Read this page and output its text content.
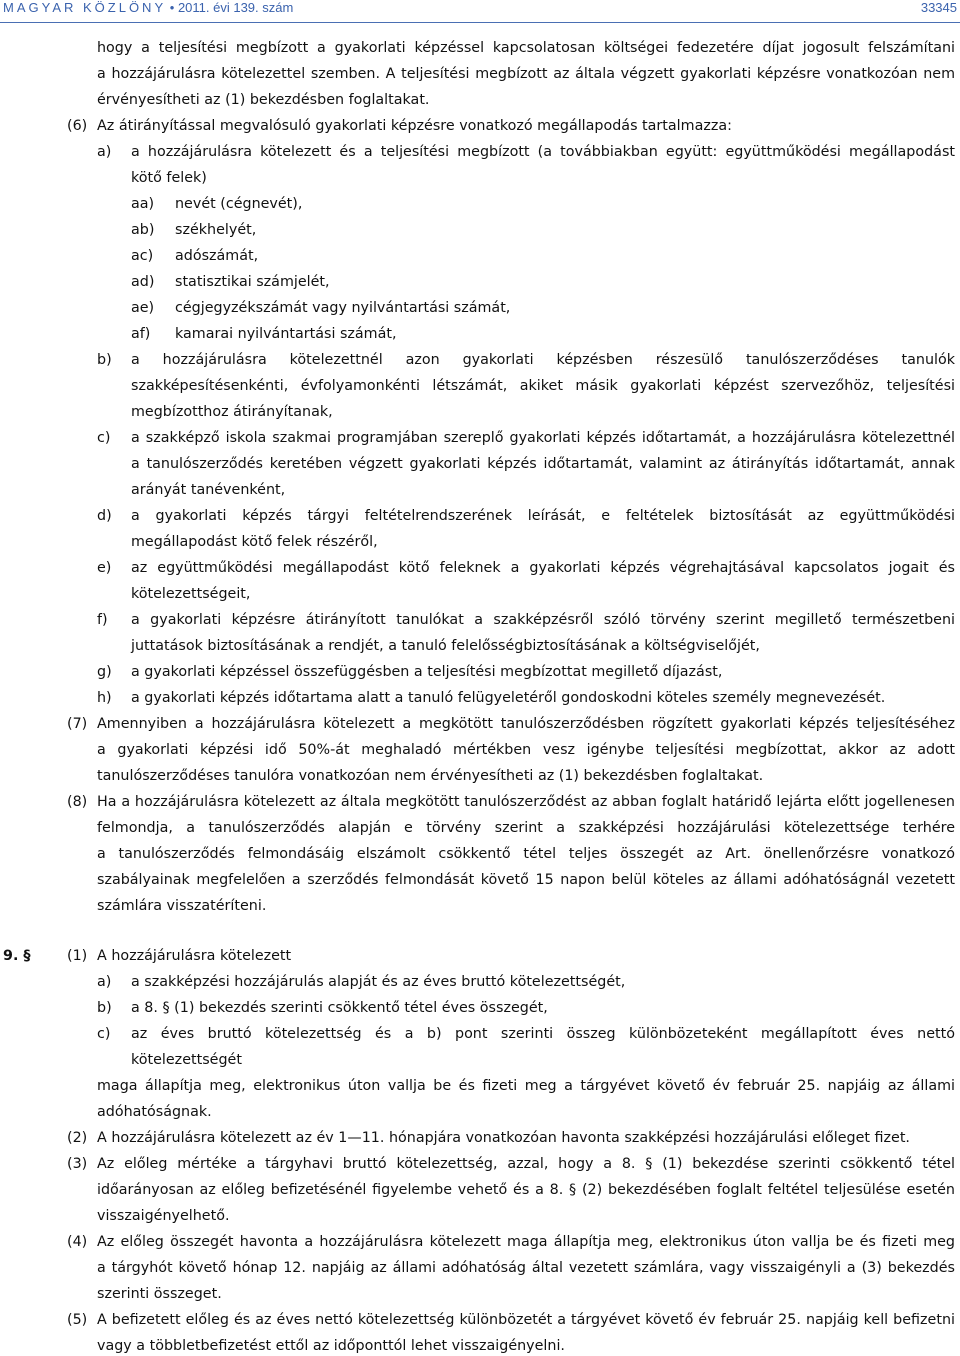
MAGYAR KÖZLÖNY • 2011. évi 139. szám	33345
hogy a teljesítési megbízott a gyakorlati képzéssel kapcsolatosan költségei fedezetére díjat jogosult felszámítani
a hozzájárulásra kötelezettel szemben. A teljesítési megbízott az általa végzett gyakorlati képzésre vonatkozóan nem
érvényesítheti az (1) bekezdésben foglaltakat.
(6) Az átirányítással megvalósuló gyakorlati képzésre vonatkozó megállapodás tartalmazza:
a) a hozzájárulásra kötelezett és a teljesítési megbízott (a továbbiakban együtt: együttműködési megállapodást
kötő felek)
aa) nevét (cégnevét),
ab) székhelyét,
ac) adószámát,
ad) statisztikai számjelét,
ae) cégjegyzékszámát vagy nyilvántartási számát,
af) kamarai nyilvántartási számát,
b) a hozzájárulásra kötelezettnél azon gyakorlati képzésben részesülő tanulószerződéses tanulók
szakképesítésenkénti, évfolyamonkénti létszámát, akiket másik gyakorlati képzést szervezőhöz, teljesítési
megbízotthoz átirányítanak,
c) a szakképző iskola szakmai programjában szereplő gyakorlati képzés időtartamát, a hozzájárulásra kötelezettnél
a tanulószerződés keretében végzett gyakorlati képzés időtartamát, valamint az átirányítás időtartamát, annak
arányát tanévenként,
d) a gyakorlati képzés tárgyi feltételrendszerének leírását, e feltételek biztosítását az együttműködési
megállapodást kötő felek részéről,
e) az együttműködési megállapodást kötő feleknek a gyakorlati képzés végrehajtásával kapcsolatos jogait és
kötelezettségeit,
f) a gyakorlati képzésre átirányított tanulókat a szakképzésről szóló törvény szerint megillető természetbeni
juttatások biztosításának a rendjét, a tanuló felelősségbiztosításának a költségviselőjét,
g) a gyakorlati képzéssel összefüggésben a teljesítési megbízottat megillető díjazást,
h) a gyakorlati képzés időtartama alatt a tanuló felügyeletéről gondoskodni köteles személy megnevezését.
(7) Amennyiben a hozzájárulásra kötelezett a megkötött tanulószerződésben rögzített gyakorlati képzés teljesítéséhez
a gyakorlati képzési idő 50%-át meghaladó mértékben vesz igénybe teljesítési megbízottat, akkor az adott
tanulószerződéses tanulóra vonatkozóan nem érvényesítheti az (1) bekezdésben foglaltakat.
(8) Ha a hozzájárulásra kötelezett az általa megkötött tanulószerződést az abban foglalt határidő lejárta előtt jogellenesen
felmondja, a tanulószerződés alapján e törvény szerint a szakképzési hozzájárulási kötelezettsége terhére
a tanulószerződés felmondásáig elszámolt csökkentő tétel teljes összegét az Art. önellenőrzésre vonatkozó
szabályainak megfelelően a szerződés felmondását követő 15 napon belül köteles az állami adóhatóságnál vezetett
számlára visszatéríteni.
9. §	(1) A hozzájárulásra kötelezett
a) a szakképzési hozzájárulás alapját és az éves bruttó kötelezettségét,
b) a 8. § (1) bekezdés szerinti csökkentő tétel éves összegét,
c) az éves bruttó kötelezettség és a b) pont szerinti összeg különbözeteként megállapított éves nettó
kötelezettségét
maga állapítja meg, elektronikus úton vallja be és fizeti meg a tárgyévet követő év február 25. napjáig az állami
adóhatóságnak.
(2) A hozzájárulásra kötelezett az év 1—11. hónapjára vonatkozóan havonta szakképzési hozzájárulási előleget fizet.
(3) Az előleg mértéke a tárgyhavi bruttó kötelezettség, azzal, hogy a 8. § (1) bekezdése szerinti csökkentő tétel
időarányosan az előleg befizetésénél figyelembe vehető és a 8. § (2) bekezdésében foglalt feltétel teljesülése esetén
visszaigényelhető.
(4) Az előleg összegét havonta a hozzájárulásra kötelezett maga állapítja meg, elektronikus úton vallja be és fizeti meg
a tárgyhót követő hónap 12. napjáig az állami adóhatóság által vezetett számlára, vagy visszaigényli a (3) bekezdés
szerinti összeget.
(5) A befizetett előleg és az éves nettó kötelezettség különbözetét a tárgyévet követő év február 25. napjáig kell befizetni
vagy a többletbefizetést ettől az időponttól lehet visszaigényelni.
